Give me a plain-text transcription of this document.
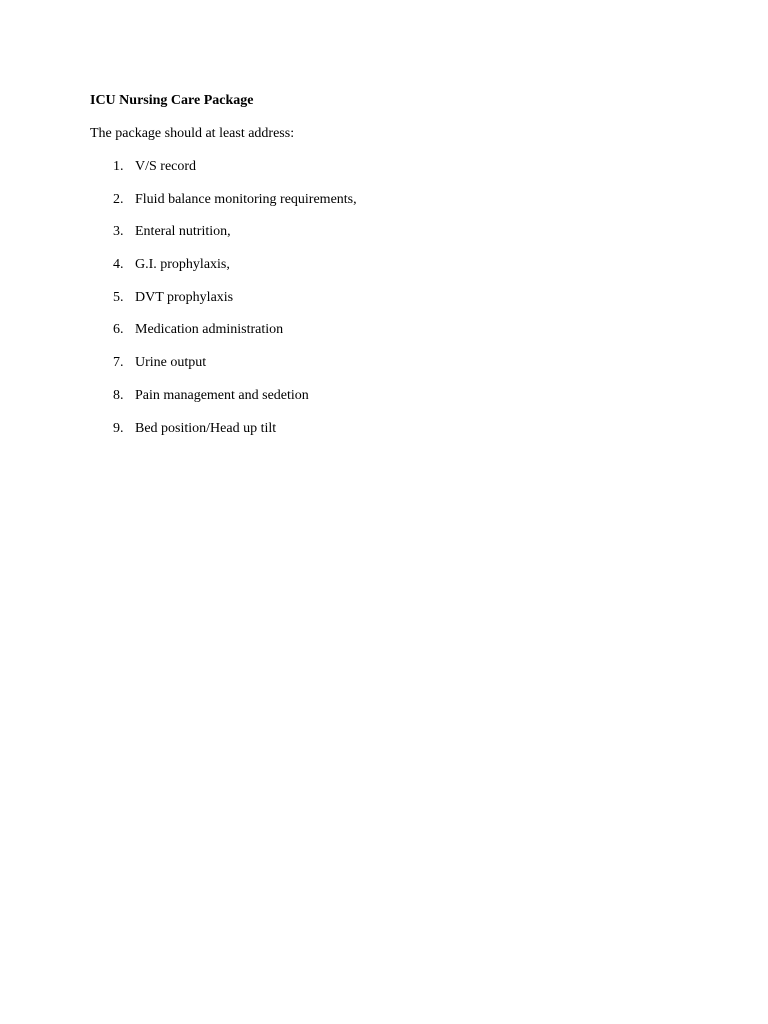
ICU Nursing Care Package

The package should at least address:

1. V/S record
2. Fluid balance monitoring requirements,
3. Enteral nutrition,
4. G.I. prophylaxis,
5. DVT prophylaxis
6. Medication administration
7. Urine output
8. Pain management and sedetion
9. Bed position/Head up tilt
